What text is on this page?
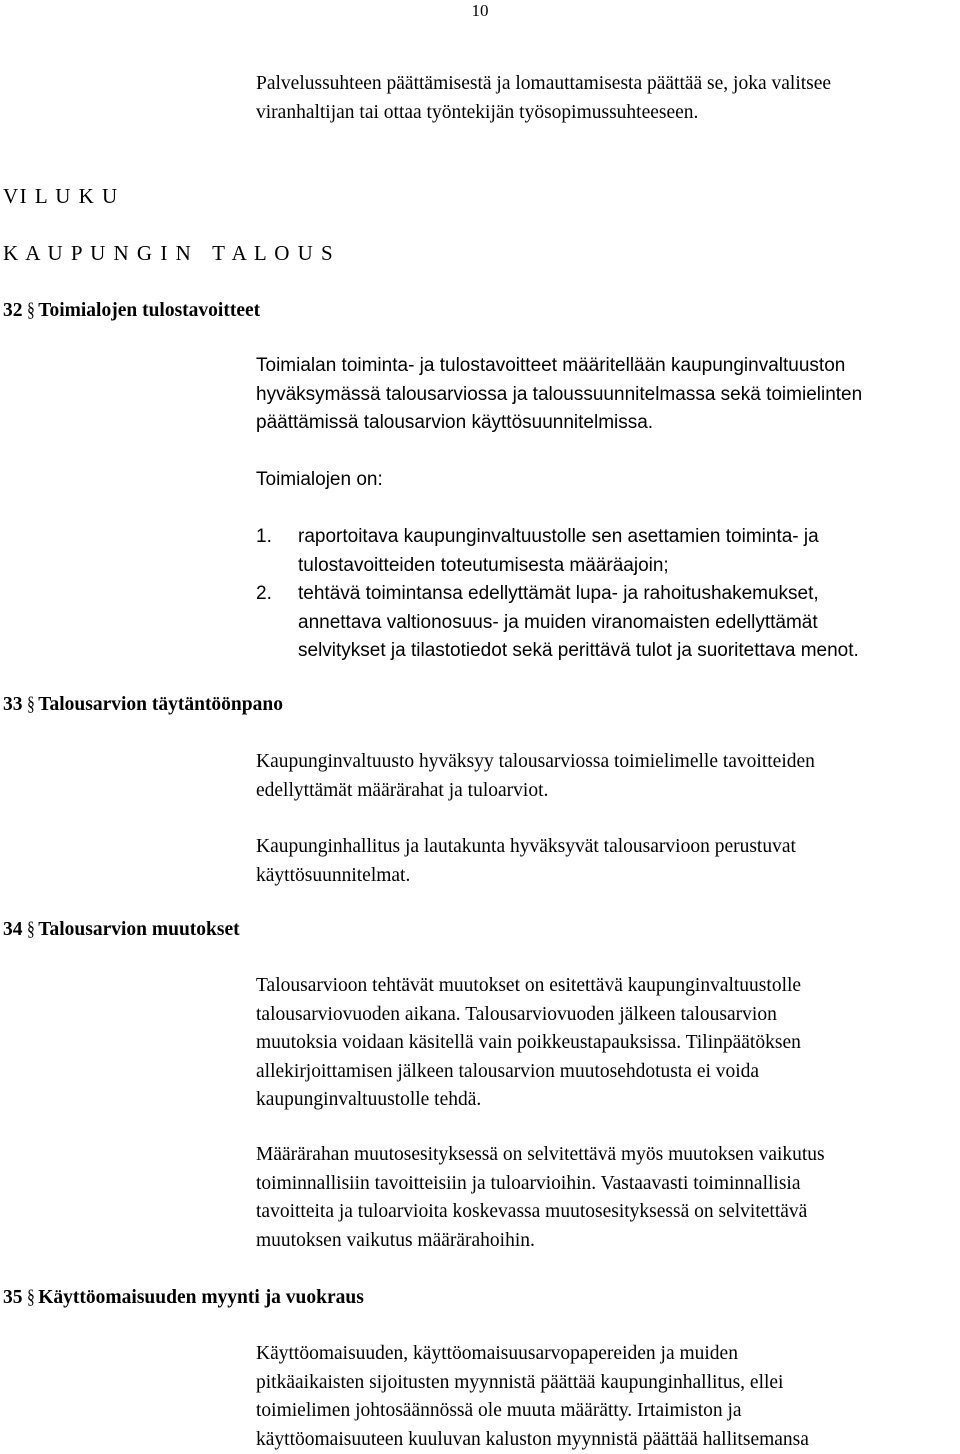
10
Palvelussuhteen päättämisestä ja lomauttamisesta päättää se, joka valitsee
viranhaltijan tai ottaa työntekijän työsopimussuhteeseen.
VI L U K U
K A U P U N G I N   T A L O U S
32 § Toimialojen tulostavoitteet
Toimialan toiminta- ja tulostavoitteet määritellään kaupunginvaltuuston
hyväksymässä talousarviossa ja taloussuunnitelmassa sekä toimielinten
päättämissä talousarvion käyttösuunnitelmissa.
Toimialojen on:
1.	raportoitava kaupunginvaltuustolle sen asettamien toiminta- ja
tulostavoitteiden toteutumisesta määräajoin;
2.	tehtävä toimintansa edellyttämät lupa- ja rahoitushakemukset,
annettava valtionosuus- ja muiden viranomaisten edellyttämät
selvitykset ja tilastotiedot sekä perittävä tulot ja suoritettava menot.
33 § Talousarvion täytäntöönpano
Kaupunginvaltuusto hyväksyy talousarviossa toimielimelle tavoitteiden
edellyttämät määrärahat ja tuloarviot.
Kaupunginhallitus ja lautakunta hyväksyvät talousarvioon perustuvat
käyttösuunnitelmat.
34 § Talousarvion muutokset
Talousarvioon tehtävät muutokset on esitettävä kaupunginvaltuustolle
talousarviovuoden aikana. Talousarviovuoden jälkeen talousarvion
muutoksia voidaan käsitellä vain poikkeustapauksissa. Tilinpäätöksen
allekirjoittamisen jälkeen talousarvion muutosehdotusta ei voida
kaupunginvaltuustolle tehdä.
Määrärahan muutosesityksessä on selvitettävä myös muutoksen vaikutus
toiminnallisiin tavoitteisiin ja tuloarvioihin. Vastaavasti toiminnallisia
tavoitteita ja tuloarvioita koskevassa muutosesityksessä on selvitettävä
muutoksen vaikutus määrärahoihin.
35 § Käyttöomaisuuden myynti ja vuokraus
Käyttöomaisuuden, käyttöomaisuusarvopapereiden ja muiden
pitkäaikaisten sijoitusten myynnistä päättää kaupunginhallitus, ellei
toimielimen johtosäännössä ole muuta määrätty. Irtaimiston ja
käyttöomaisuuteen kuuluvan kaluston myynnistä päättää hallitsemansa
